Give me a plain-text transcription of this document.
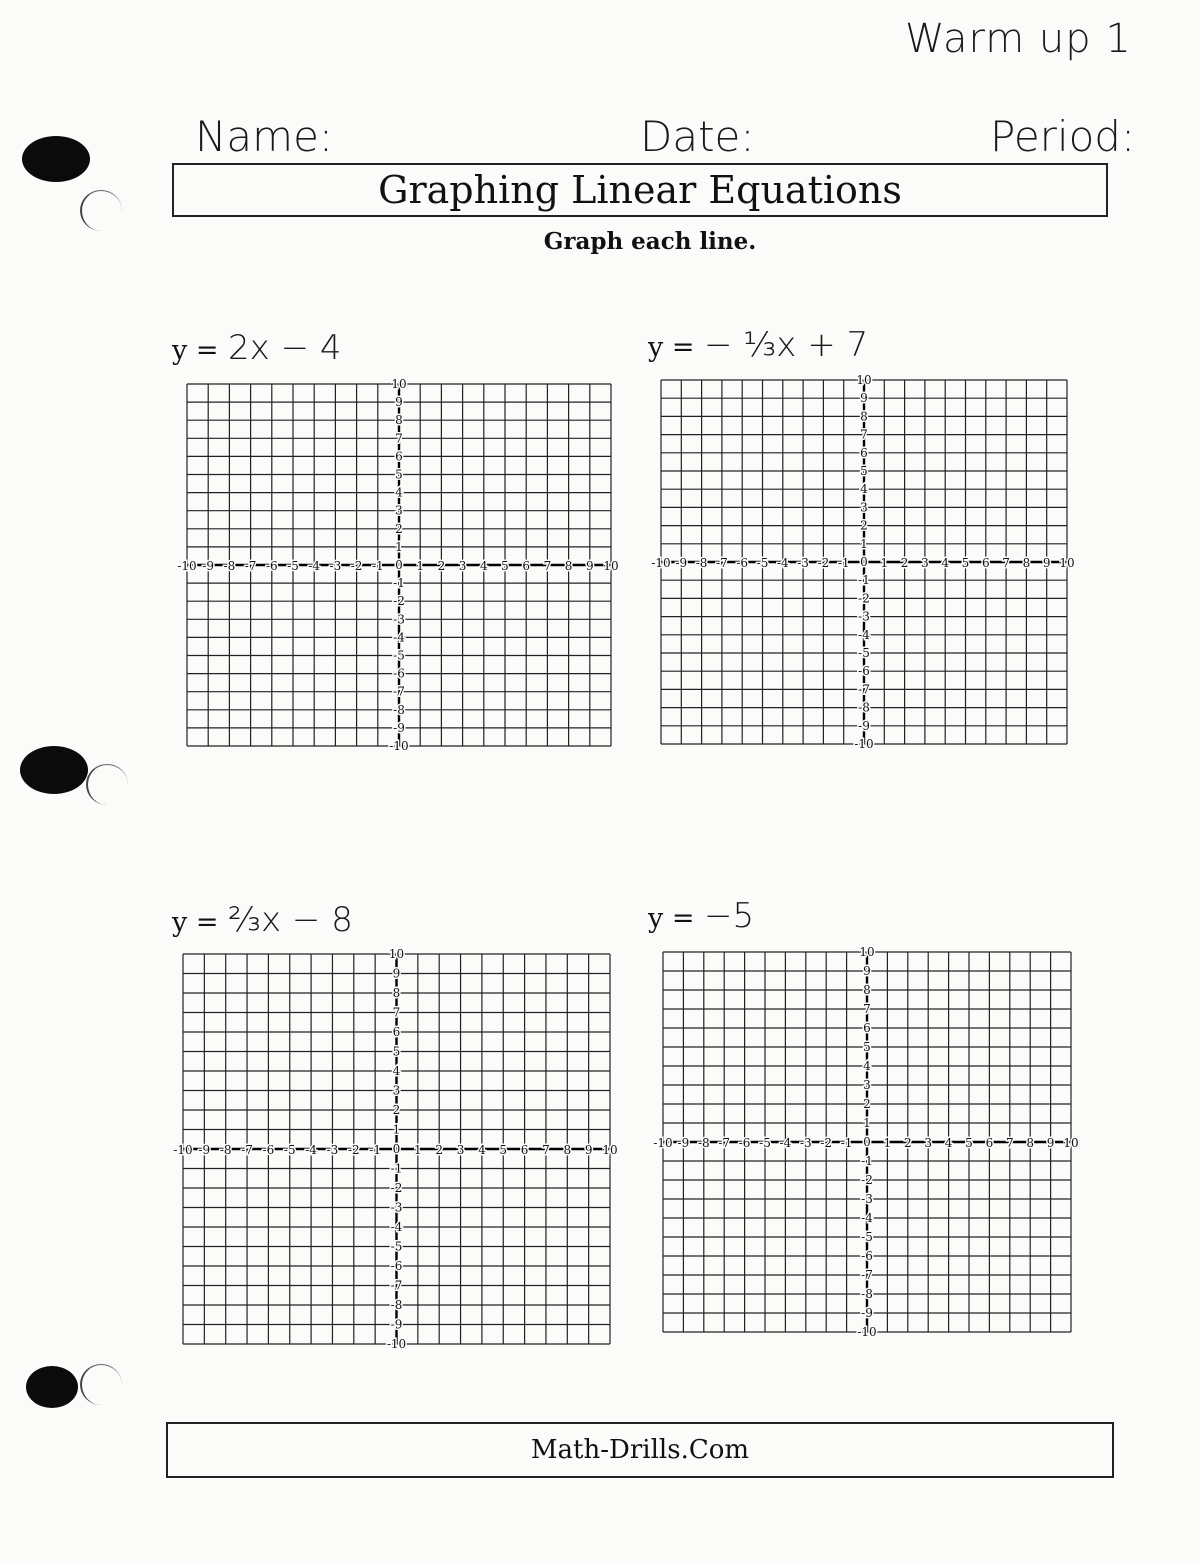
Warm up 1
Name:	Date:	Period:
Graphing Linear Equations
Graph each line.
y = 2x − 4	y = − ⅓x + 7
y = ⅔x − 8	y = −5
-10 -9 -8 -7 -6 -5 -4 -3 -2 -1	1 2 3 4 5 6 7 8 9 10
-10
-9
-8
-7
-6
-5
-4
-3
-2
-1
0
1
2
3
4
5
6
7
8
9
10
-10 -9 -8 -7 -6 -5 -4 -3 -2 -1	1 2 3 4 5 6 7 8 9 10
-10
-9
-8
-7
-6
-5
-4
-3
-2
-1
0
1
2
3
4
5
6
7
8
9
10
-10 -9 -8 -7 -6 -5 -4 -3 -2 -1	1 2 3 4 5 6 7 8 9 10
-10
-9
-8
-7
-6
-5
-4
-3
-2
-1
0
1
2
3
4
5
6
7
8
9
10
-10 -9 -8 -7 -6 -5 -4 -3 -2 -1	1 2 3 4 5 6 7 8 9 10
-10
-9
-8
-7
-6
-5
-4
-3
-2
-1
0
1
2
3
4
5
6
7
8
9
10
Math-Drills.Com
